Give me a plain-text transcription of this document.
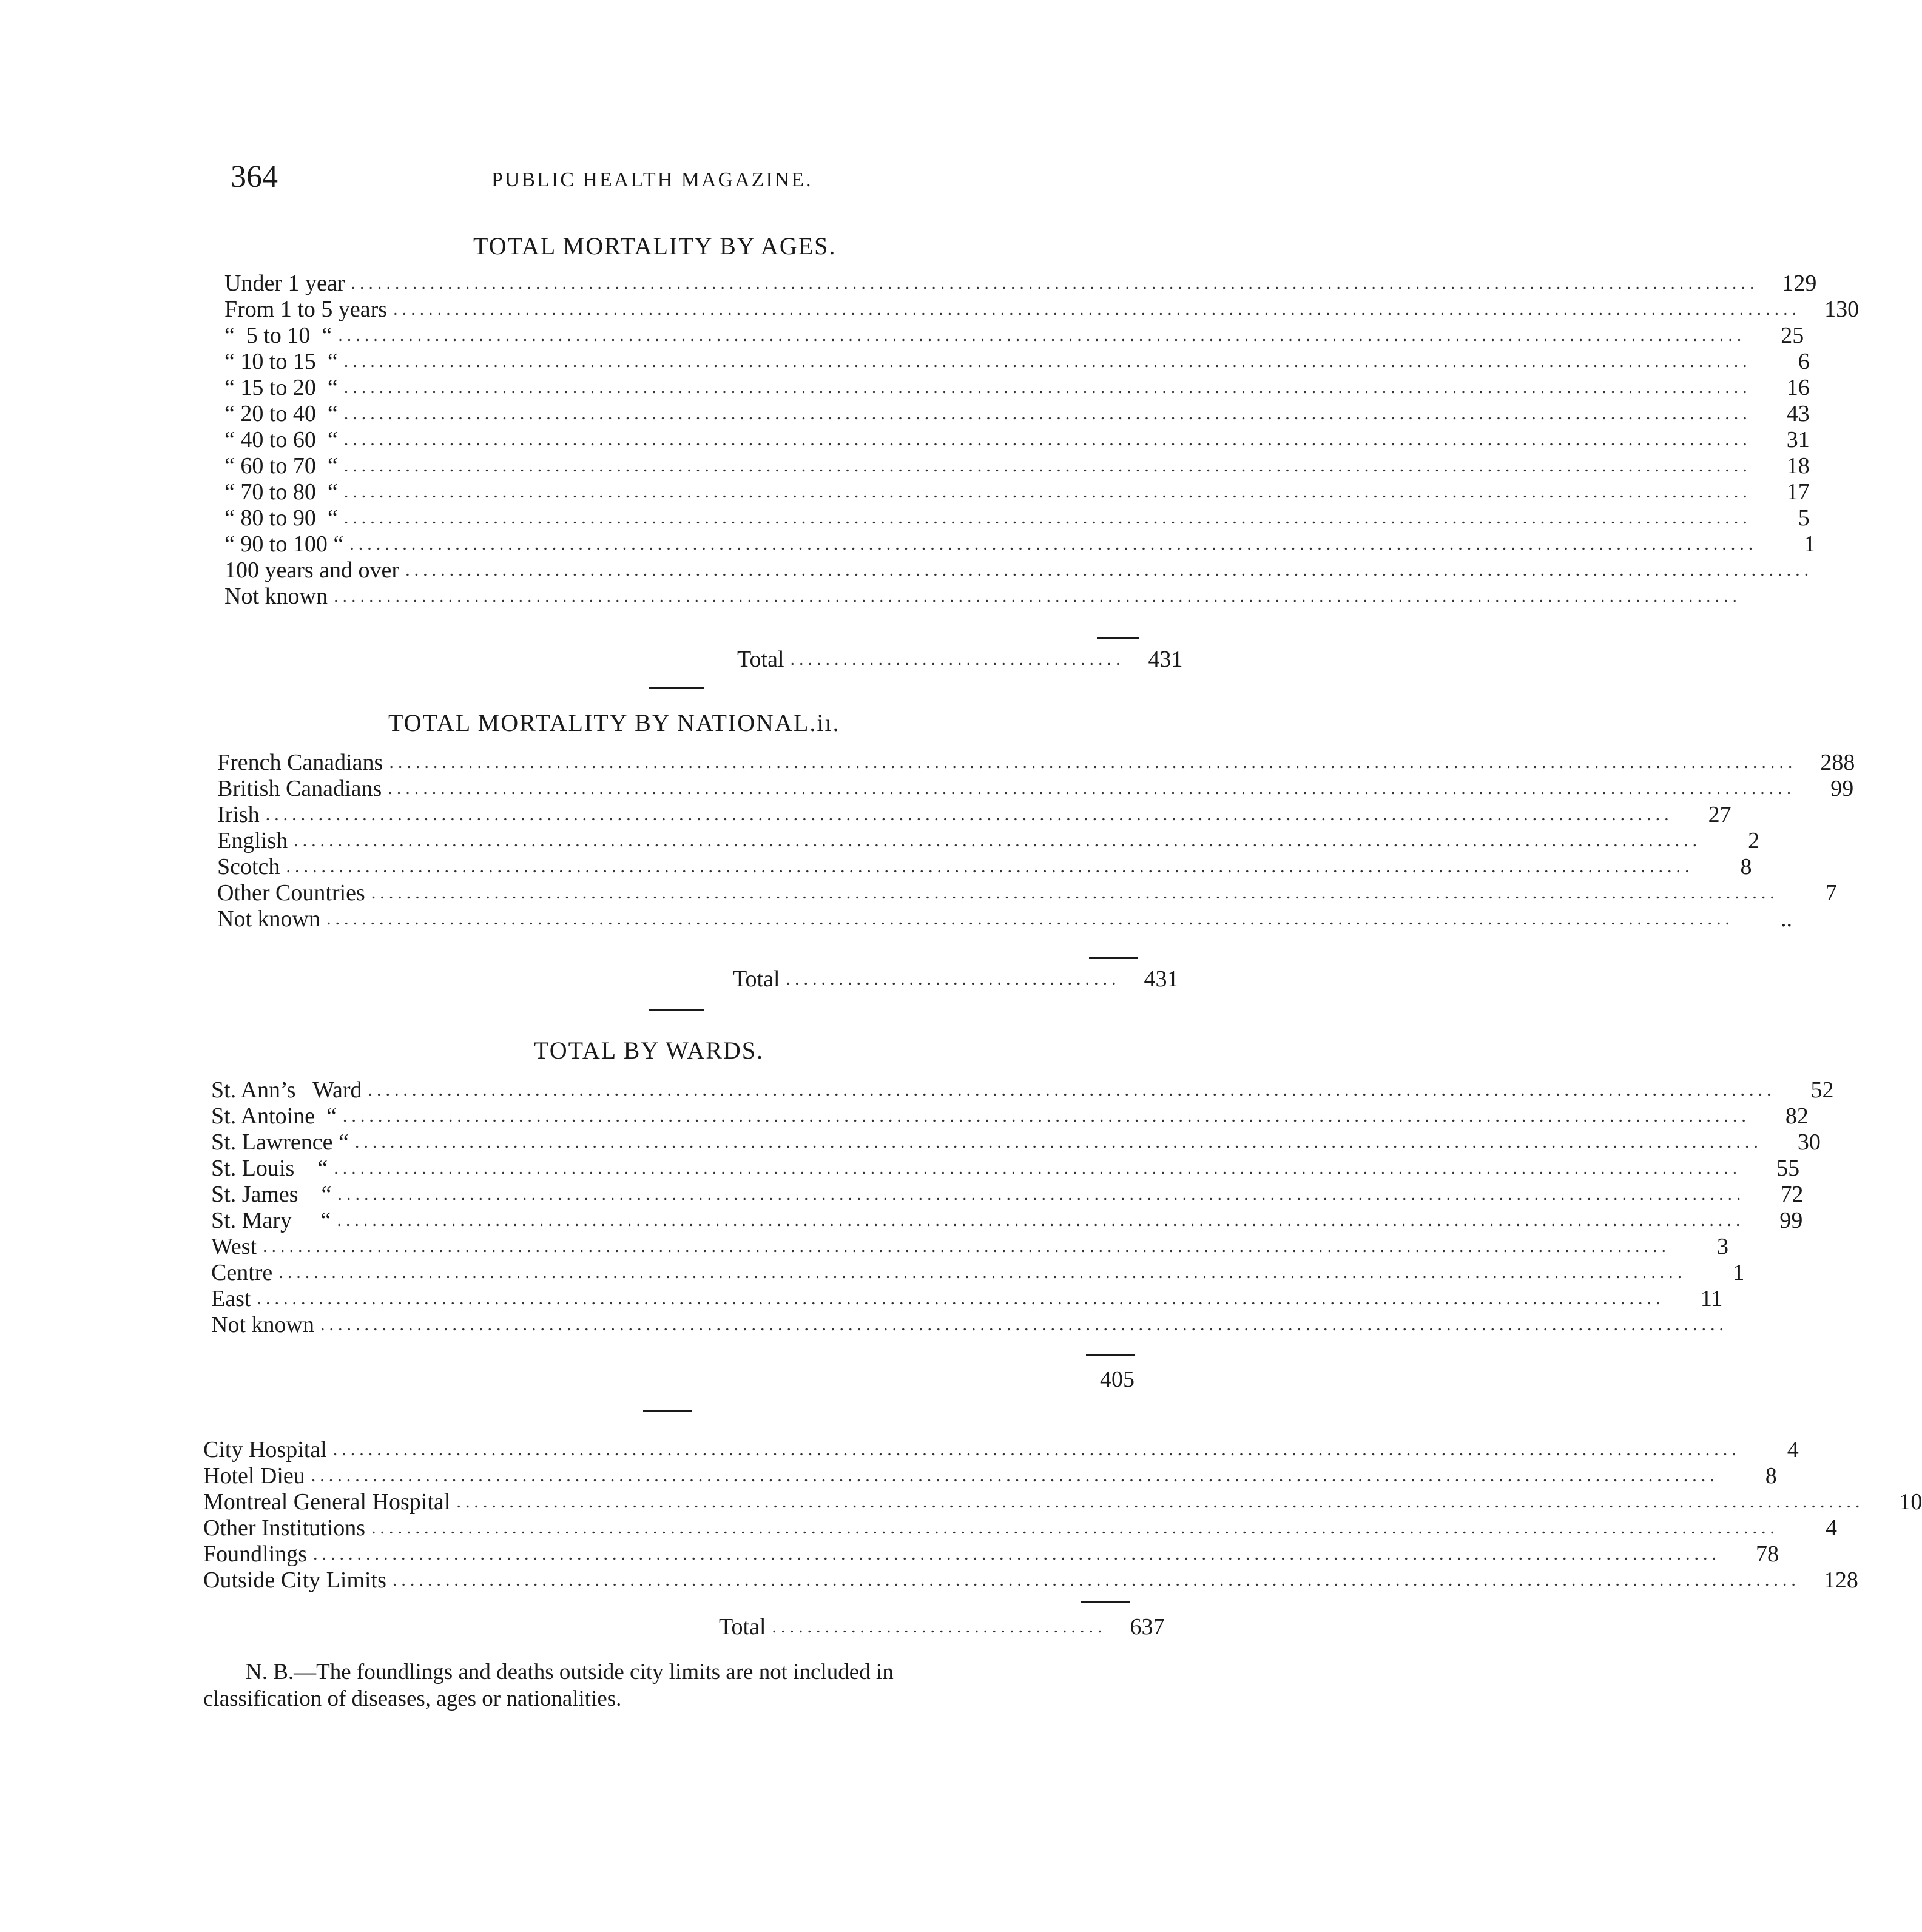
364	PUBLIC HEALTH MAGAZINE.
TOTAL MORTALITY BY AGES.
Under 1 year ................................................................................................................................................................	129
From 1 to 5 years ................................................................................................................................................................	130
“  5 to 10  “ ................................................................................................................................................................	25
“ 10 to 15  “ ................................................................................................................................................................	6
“ 15 to 20  “ ................................................................................................................................................................	16
“ 20 to 40  “ ................................................................................................................................................................	43
“ 40 to 60  “ ................................................................................................................................................................	31
“ 60 to 70  “ ................................................................................................................................................................	18
“ 70 to 80  “ ................................................................................................................................................................	17
“ 80 to 90  “ ................................................................................................................................................................	5
“ 90 to 100 “ ................................................................................................................................................................	1
100 years and over ................................................................................................................................................................
Not known ................................................................................................................................................................
Total ......................................	431
TOTAL MORTALITY BY NATIONAL.iı.
French Canadians ................................................................................................................................................................	288
British Canadians ................................................................................................................................................................	99
Irish ................................................................................................................................................................	27
English ................................................................................................................................................................	2
Scotch ................................................................................................................................................................	8
Other Countries ................................................................................................................................................................	7
Not known ................................................................................................................................................................	..
Total ......................................	431
TOTAL BY WARDS.
St. Ann’s   Ward ................................................................................................................................................................	52
St. Antoine  “ ................................................................................................................................................................	82
St. Lawrence “ ................................................................................................................................................................	30
St. Louis    “ ................................................................................................................................................................	55
St. James    “ ................................................................................................................................................................	72
St. Mary     “ ................................................................................................................................................................	99
West ................................................................................................................................................................	3
Centre ................................................................................................................................................................	1
East ................................................................................................................................................................	11
Not known ................................................................................................................................................................
405
City Hospital ................................................................................................................................................................	4
Hotel Dieu ................................................................................................................................................................	8
Montreal General Hospital ................................................................................................................................................................	10
Other Institutions ................................................................................................................................................................	4
Foundlings ................................................................................................................................................................	78
Outside City Limits ................................................................................................................................................................	128
Total ......................................	637
N. B.—The foundlings and deaths outside city limits are not included in
classification of diseases, ages or nationalities.
